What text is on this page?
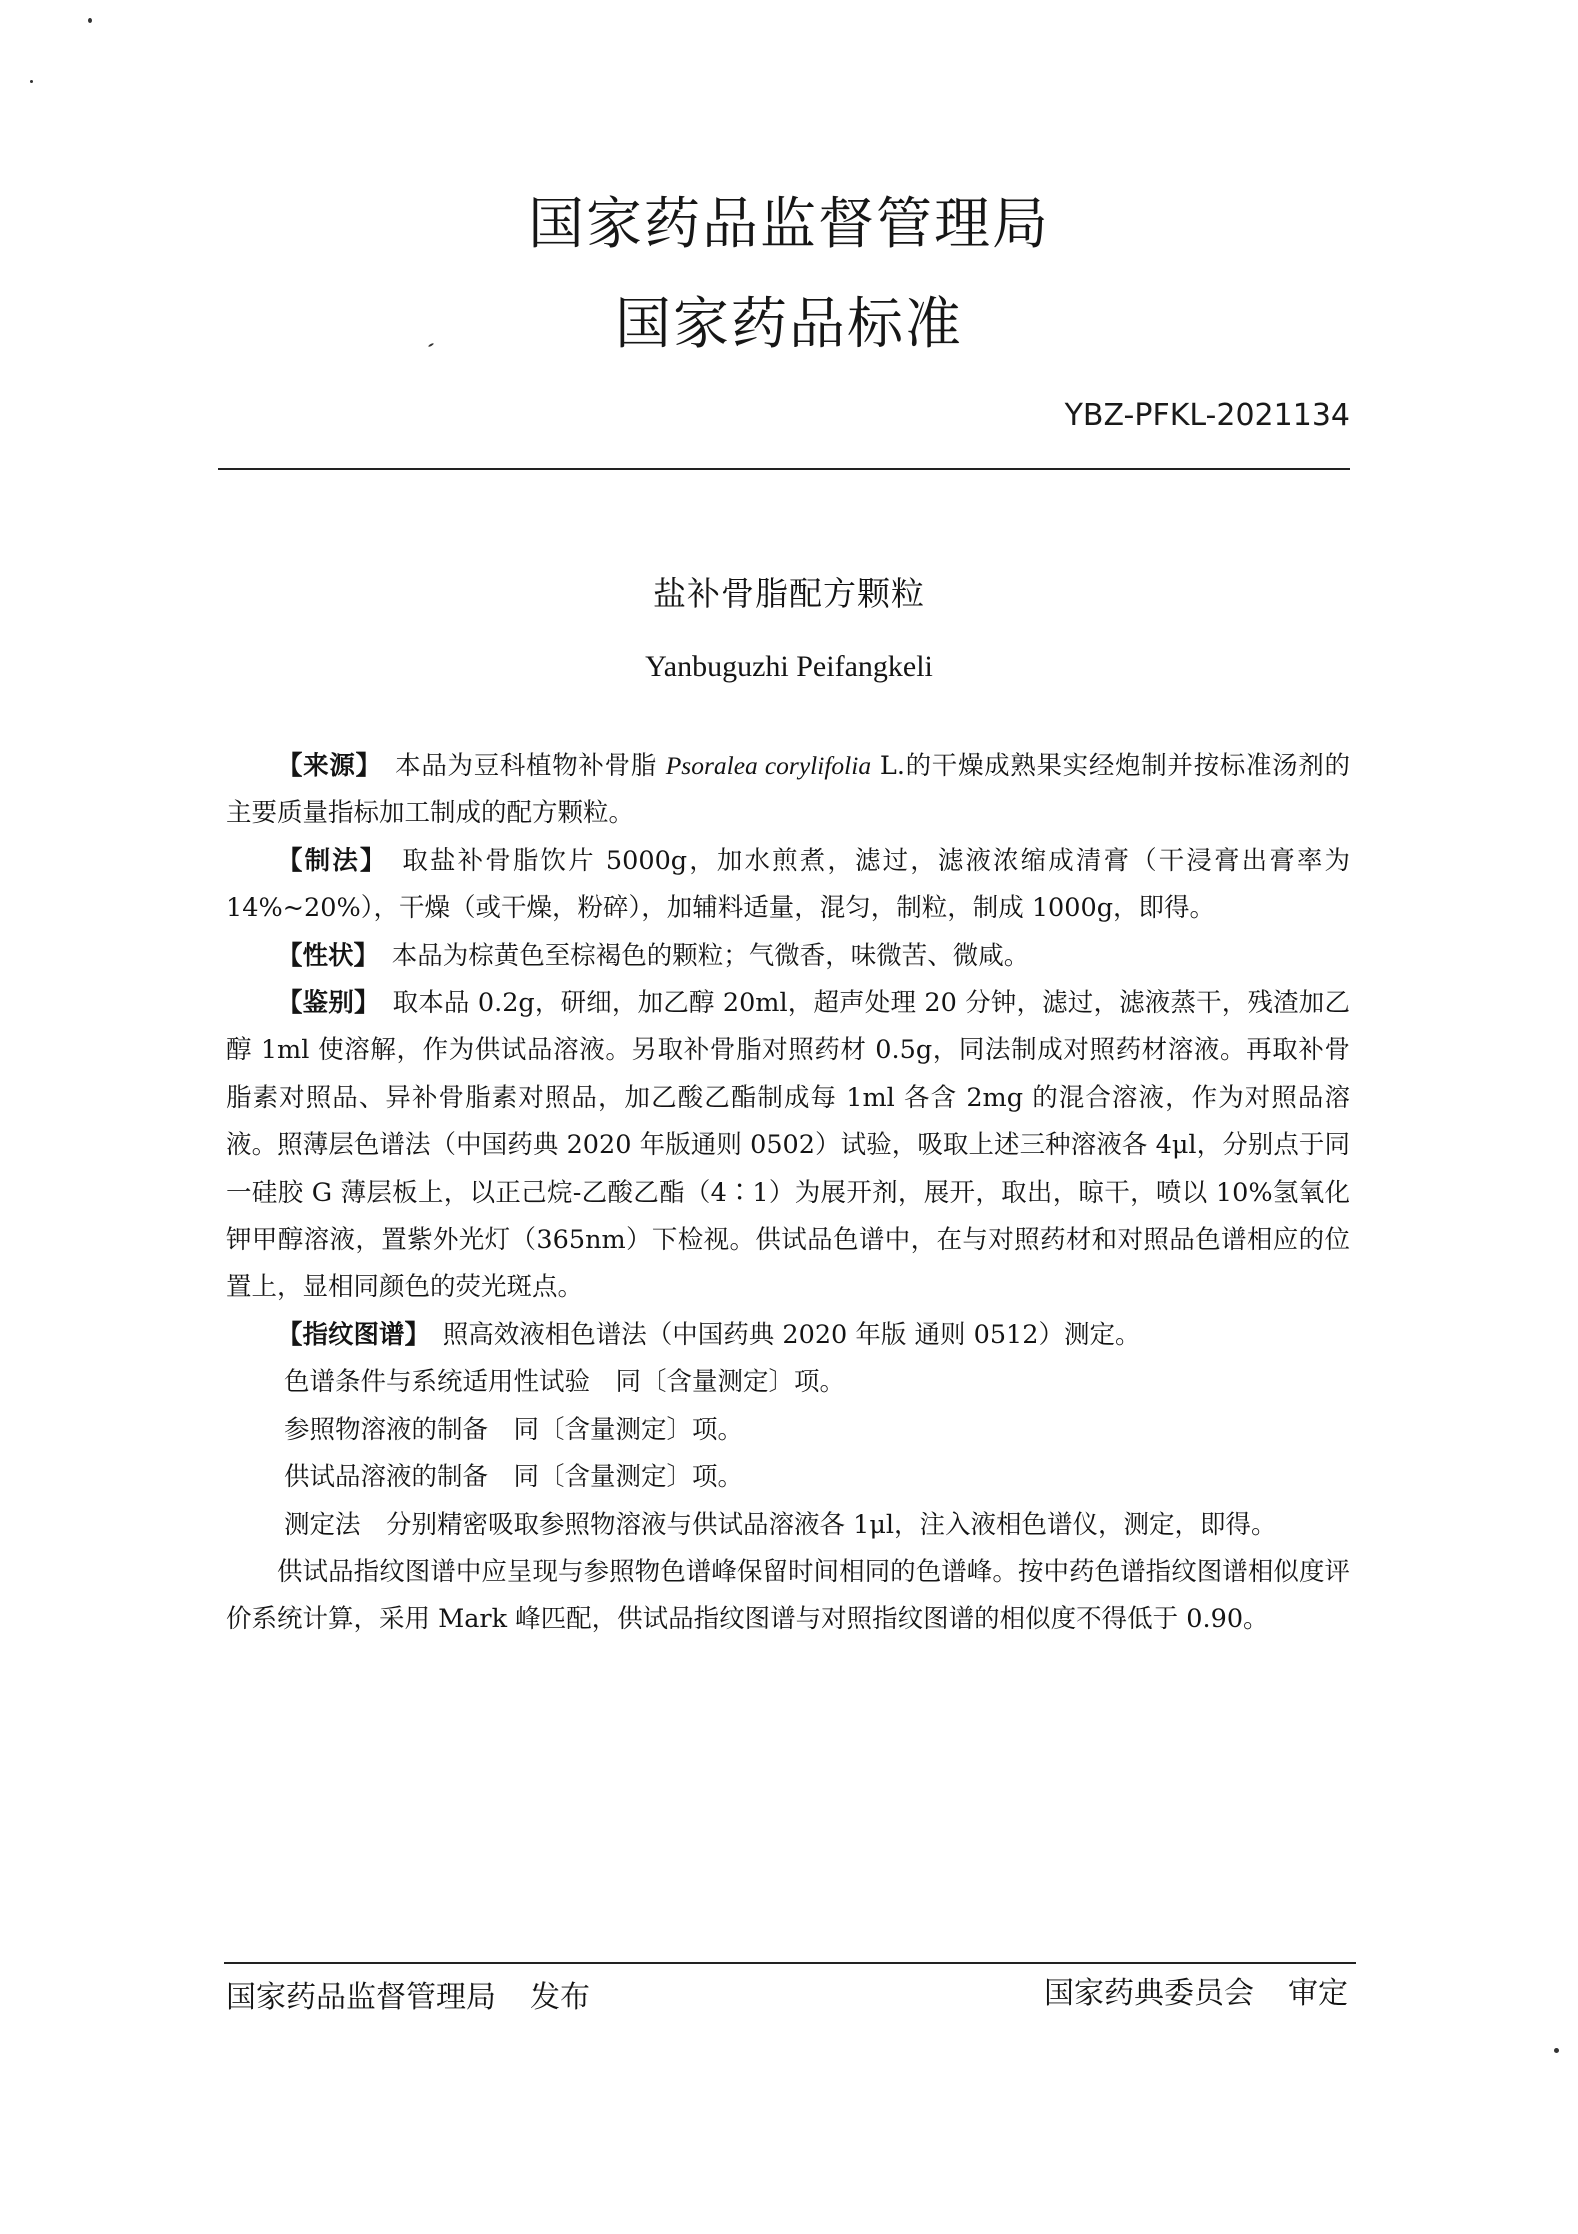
国家药品监督管理局
国家药品标准
YBZ-PFKL-2021134
盐补骨脂配方颗粒
Yanbuguzhi Peifangkeli

【来源】　 本品为豆科植物补骨脂 Psoralea corylifolia L.的干燥成熟果实经炮制并按标准汤剂的主要质量指标加工制成的配方颗粒。

【制法】　 取盐补骨脂饮片 5000g，加水煎煮，滤过，滤液浓缩成清膏（干浸膏出膏率为 14%~20%），干燥（或干燥，粉碎），加辅料适量，混匀，制粒，制成 1000g，即得。

【性状】　 本品为棕黄色至棕褐色的颗粒；气微香，味微苦、微咸。

【鉴别】　 取本品 0.2g，研细，加乙醇 20ml，超声处理 20 分钟，滤过，滤液蒸干，残渣加乙醇 1ml 使溶解，作为供试品溶液。另取补骨脂对照药材 0.5g，同法制成对照药材溶液。再取补骨脂素对照品、异补骨脂素对照品，加乙酸乙酯制成每 1ml 各含 2mg 的混合溶液，作为对照品溶液。照薄层色谱法（中国药典 2020 年版通则 0502）试验，吸取上述三种溶液各 4μl，分别点于同一硅胶 G 薄层板上，以正己烷-乙酸乙酯（4∶1）为展开剂，展开，取出，晾干，喷以 10%氢氧化钾甲醇溶液，置紫外光灯（365nm）下检视。供试品色谱中，在与对照药材和对照品色谱相应的位置上，显相同颜色的荧光斑点。

【指纹图谱】　 照高效液相色谱法（中国药典 2020 年版 通则 0512）测定。

色谱条件与系统适用性试验　同〔含量测定〕项。

参照物溶液的制备　同〔含量测定〕项。

供试品溶液的制备　同〔含量测定〕项。

测定法　分别精密吸取参照物溶液与供试品溶液各 1μl，注入液相色谱仪，测定，即得。

供试品指纹图谱中应呈现与参照物色谱峰保留时间相同的色谱峰。按中药色谱指纹图谱相似度评价系统计算，采用 Mark 峰匹配，供试品指纹图谱与对照指纹图谱的相似度不得低于 0.90。

国家药品监督管理局 发布	国家药典委员会 审定
